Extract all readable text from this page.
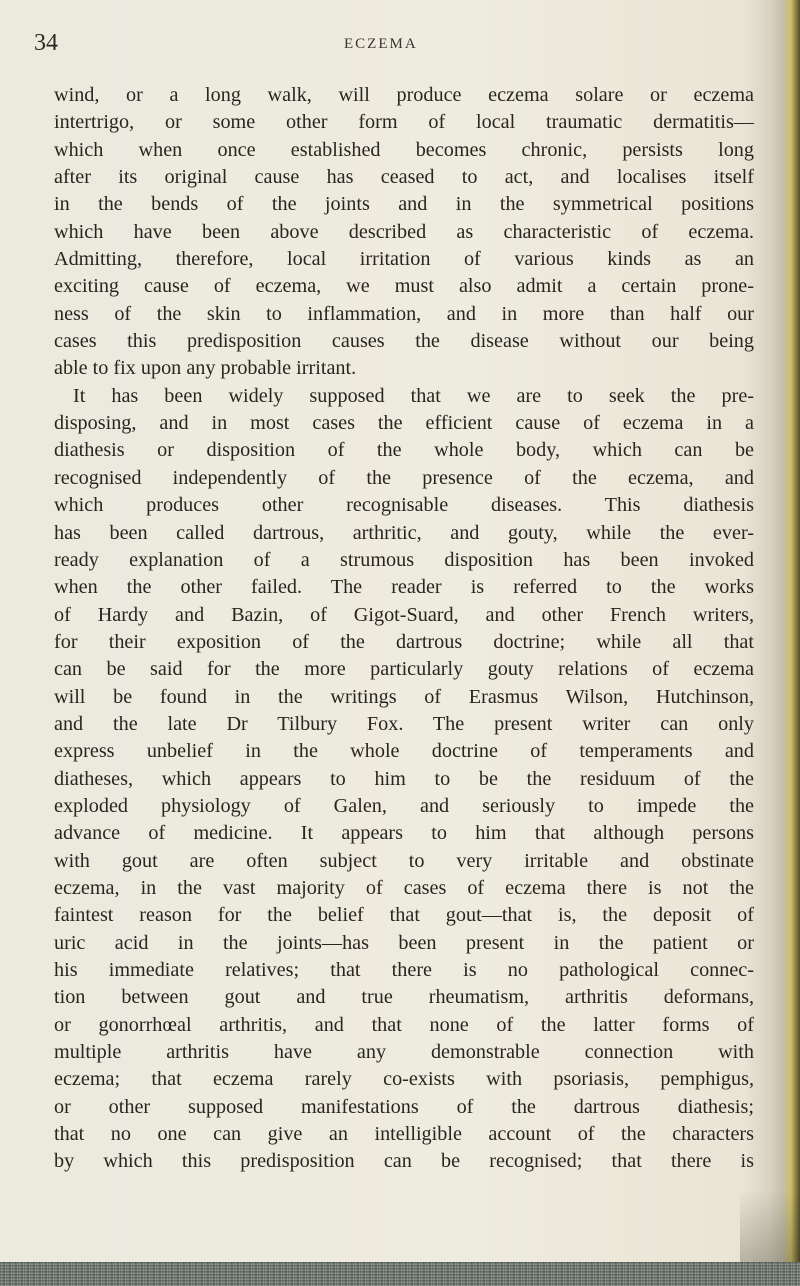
34	ECZEMA
wind, or a long walk, will produce eczema solare or eczema
intertrigo, or some other form of local traumatic dermatitis—
which when once established becomes chronic, persists long
after its original cause has ceased to act, and localises itself
in the bends of the joints and in the symmetrical positions
which have been above described as characteristic of eczema.
Admitting, therefore, local irritation of various kinds as an
exciting cause of eczema, we must also admit a certain prone-
ness of the skin to inflammation, and in more than half our
cases this predisposition causes the disease without our being
able to fix upon any probable irritant.
It has been widely supposed that we are to seek the pre-
disposing, and in most cases the efficient cause of eczema in a
diathesis or disposition of the whole body, which can be
recognised independently of the presence of the eczema, and
which produces other recognisable diseases. This diathesis
has been called dartrous, arthritic, and gouty, while the ever-
ready explanation of a strumous disposition has been invoked
when the other failed. The reader is referred to the works
of Hardy and Bazin, of Gigot-Suard, and other French writers,
for their exposition of the dartrous doctrine; while all that
can be said for the more particularly gouty relations of eczema
will be found in the writings of Erasmus Wilson, Hutchinson,
and the late Dr Tilbury Fox. The present writer can only
express unbelief in the whole doctrine of temperaments and
diatheses, which appears to him to be the residuum of the
exploded physiology of Galen, and seriously to impede the
advance of medicine. It appears to him that although persons
with gout are often subject to very irritable and obstinate
eczema, in the vast majority of cases of eczema there is not the
faintest reason for the belief that gout—that is, the deposit of
uric acid in the joints—has been present in the patient or
his immediate relatives; that there is no pathological connec-
tion between gout and true rheumatism, arthritis deformans,
or gonorrhœal arthritis, and that none of the latter forms of
multiple arthritis have any demonstrable connection with
eczema; that eczema rarely co-exists with psoriasis, pemphigus,
or other supposed manifestations of the dartrous diathesis;
that no one can give an intelligible account of the characters
by which this predisposition can be recognised; that there is
